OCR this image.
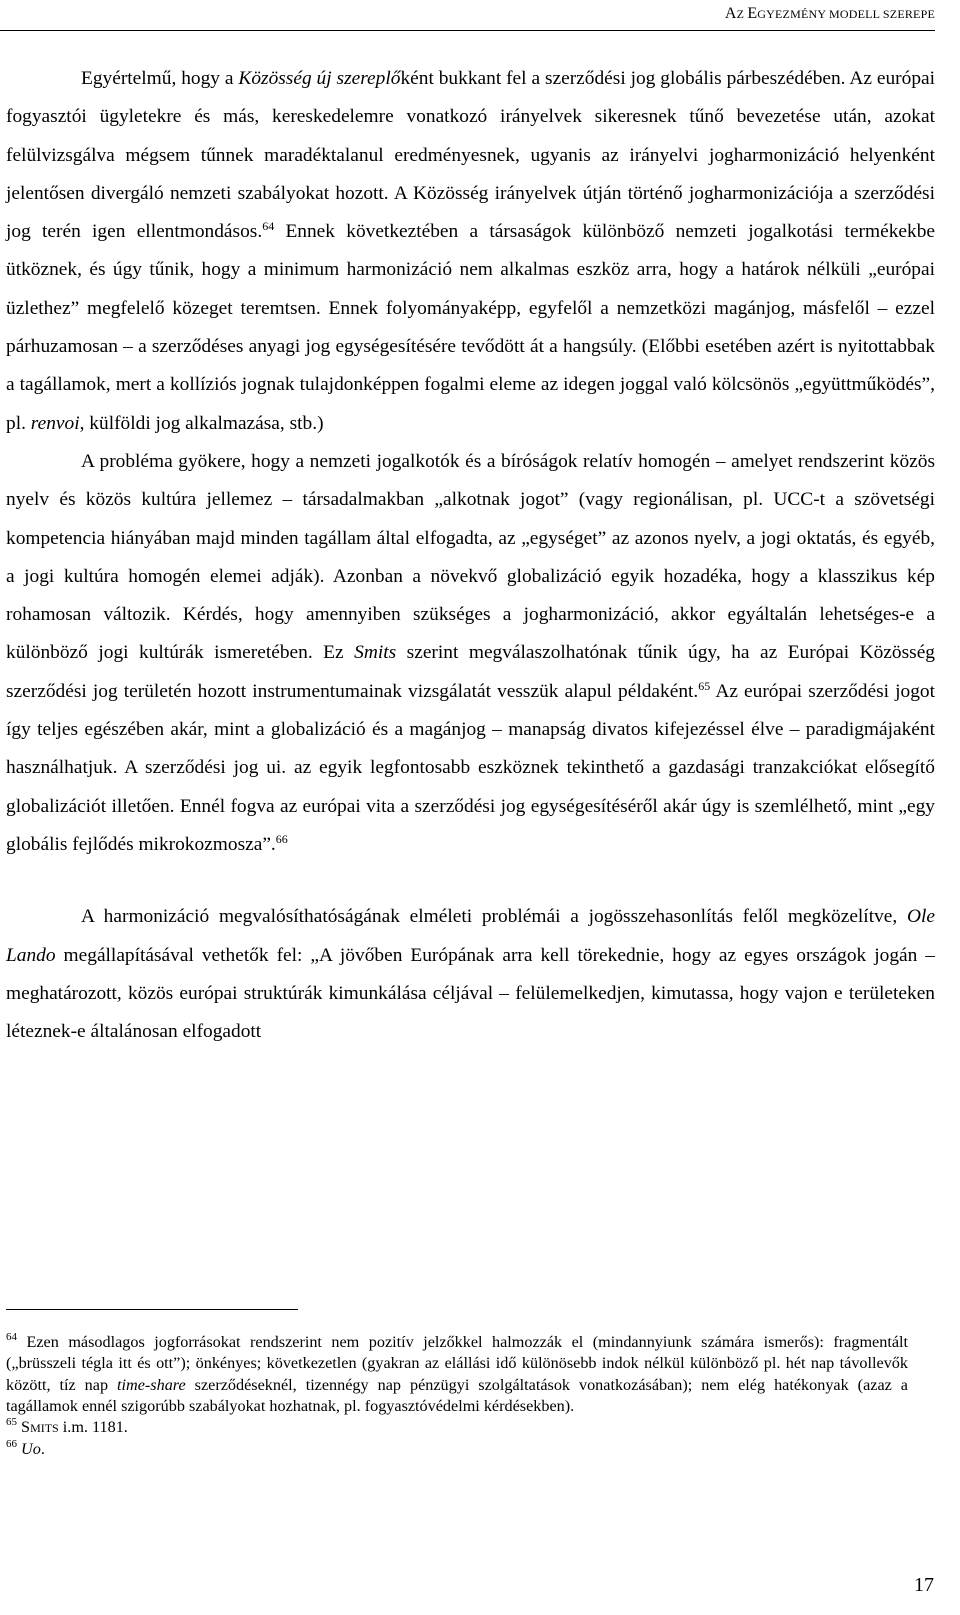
AZ EGYEZMÉNY MODELL SZEREPE

Egyértelmű, hogy a Közösség új szereplőként bukkant fel a szerződési jog globális párbeszédében. Az európai fogyasztói ügyletekre és más, kereskedelemre vonatkozó irányelvek sikeresnek tűnő bevezetése után, azokat felülvizsgálva mégsem tűnnek maradéktalanul eredményesnek, ugyanis az irányelvi jogharmonizáció helyenként jelentősen divergáló nemzeti szabályokat hozott. A Közösség irányelvek útján történő jogharmonizációja a szerződési jog terén igen ellentmondásos.$^{64}$ Ennek következtében a társaságok különböző nemzeti jogalkotási termékekbe ütköznek, és úgy tűnik, hogy a minimum harmonizáció nem alkalmas eszköz arra, hogy a határok nélküli „európai üzlethez” megfelelő közeget teremtsen. Ennek folyományaképp, egyfelől a nemzetközi magánjog, másfelől – ezzel párhuzamosan – a szerződéses anyagi jog egységesítésére tevődött át a hangsúly. (Előbbi esetében azért is nyitottabbak a tagállamok, mert a kollíziós jognak tulajdonképpen fogalmi eleme az idegen joggal való kölcsönös „együttműködés”, pl. renvoi, külföldi jog alkalmazása, stb.)

A probléma gyökere, hogy a nemzeti jogalkotók és a bíróságok relatív homogén – amelyet rendszerint közös nyelv és közös kultúra jellemez – társadalmakban „alkotnak jogot” (vagy regionálisan, pl. UCC-t a szövetségi kompetencia hiányában majd minden tagállam által elfogadta, az „egységet” az azonos nyelv, a jogi oktatás, és egyéb, a jogi kultúra homogén elemei adják). Azonban a növekvő globalizáció egyik hozadéka, hogy a klasszikus kép rohamosan változik. Kérdés, hogy amennyiben szükséges a jogharmonizáció, akkor egyáltalán lehetséges-e a különböző jogi kultúrák ismeretében. Ez Smits szerint megválaszolhatónak tűnik úgy, ha az Európai Közösség szerződési jog területén hozott instrumentumainak vizsgálatát vesszük alapul példaként.$^{65}$ Az európai szerződési jogot így teljes egészében akár, mint a globalizáció és a magánjog – manapság divatos kifejezéssel élve – paradigmájaként használhatjuk. A szerződési jog ui. az egyik legfontosabb eszköznek tekinthető a gazdasági tranzakciókat elősegítő globalizációt illetően. Ennél fogva az európai vita a szerződési jog egységesítéséről akár úgy is szemlélhető, mint „egy globális fejlődés mikrokozmosza”.$^{66}$

A harmonizáció megvalósíthatóságának elméleti problémái a jogösszehasonlítás felől megközelítve, Ole Lando megállapításával vethetők fel: „A jövőben Európának arra kell törekednie, hogy az egyes országok jogán – meghatározott, közös európai struktúrák kimunkálása céljával – felülemelkedjen, kimutassa, hogy vajon e területeken léteznek-e általánosan elfogadott

$^{64}$ Ezen másodlagos jogforrásokat rendszerint nem pozitív jelzőkkel halmozzák el (mindannyiunk számára ismerős): fragmentált („brüsszeli tégla itt és ott”); önkényes; következetlen (gyakran az elállási idő különösebb indok nélkül különböző pl. hét nap távollevők között, tíz nap time-share szerződéseknél, tizennégy nap pénzügyi szolgáltatások vonatkozásában); nem elég hatékonyak (azaz a tagállamok ennél szigorúbb szabályokat hozhatnak, pl. fogyasztóvédelmi kérdésekben).

$^{65}$ SMITS i.m. 1181.

$^{66}$ Uo.

17
